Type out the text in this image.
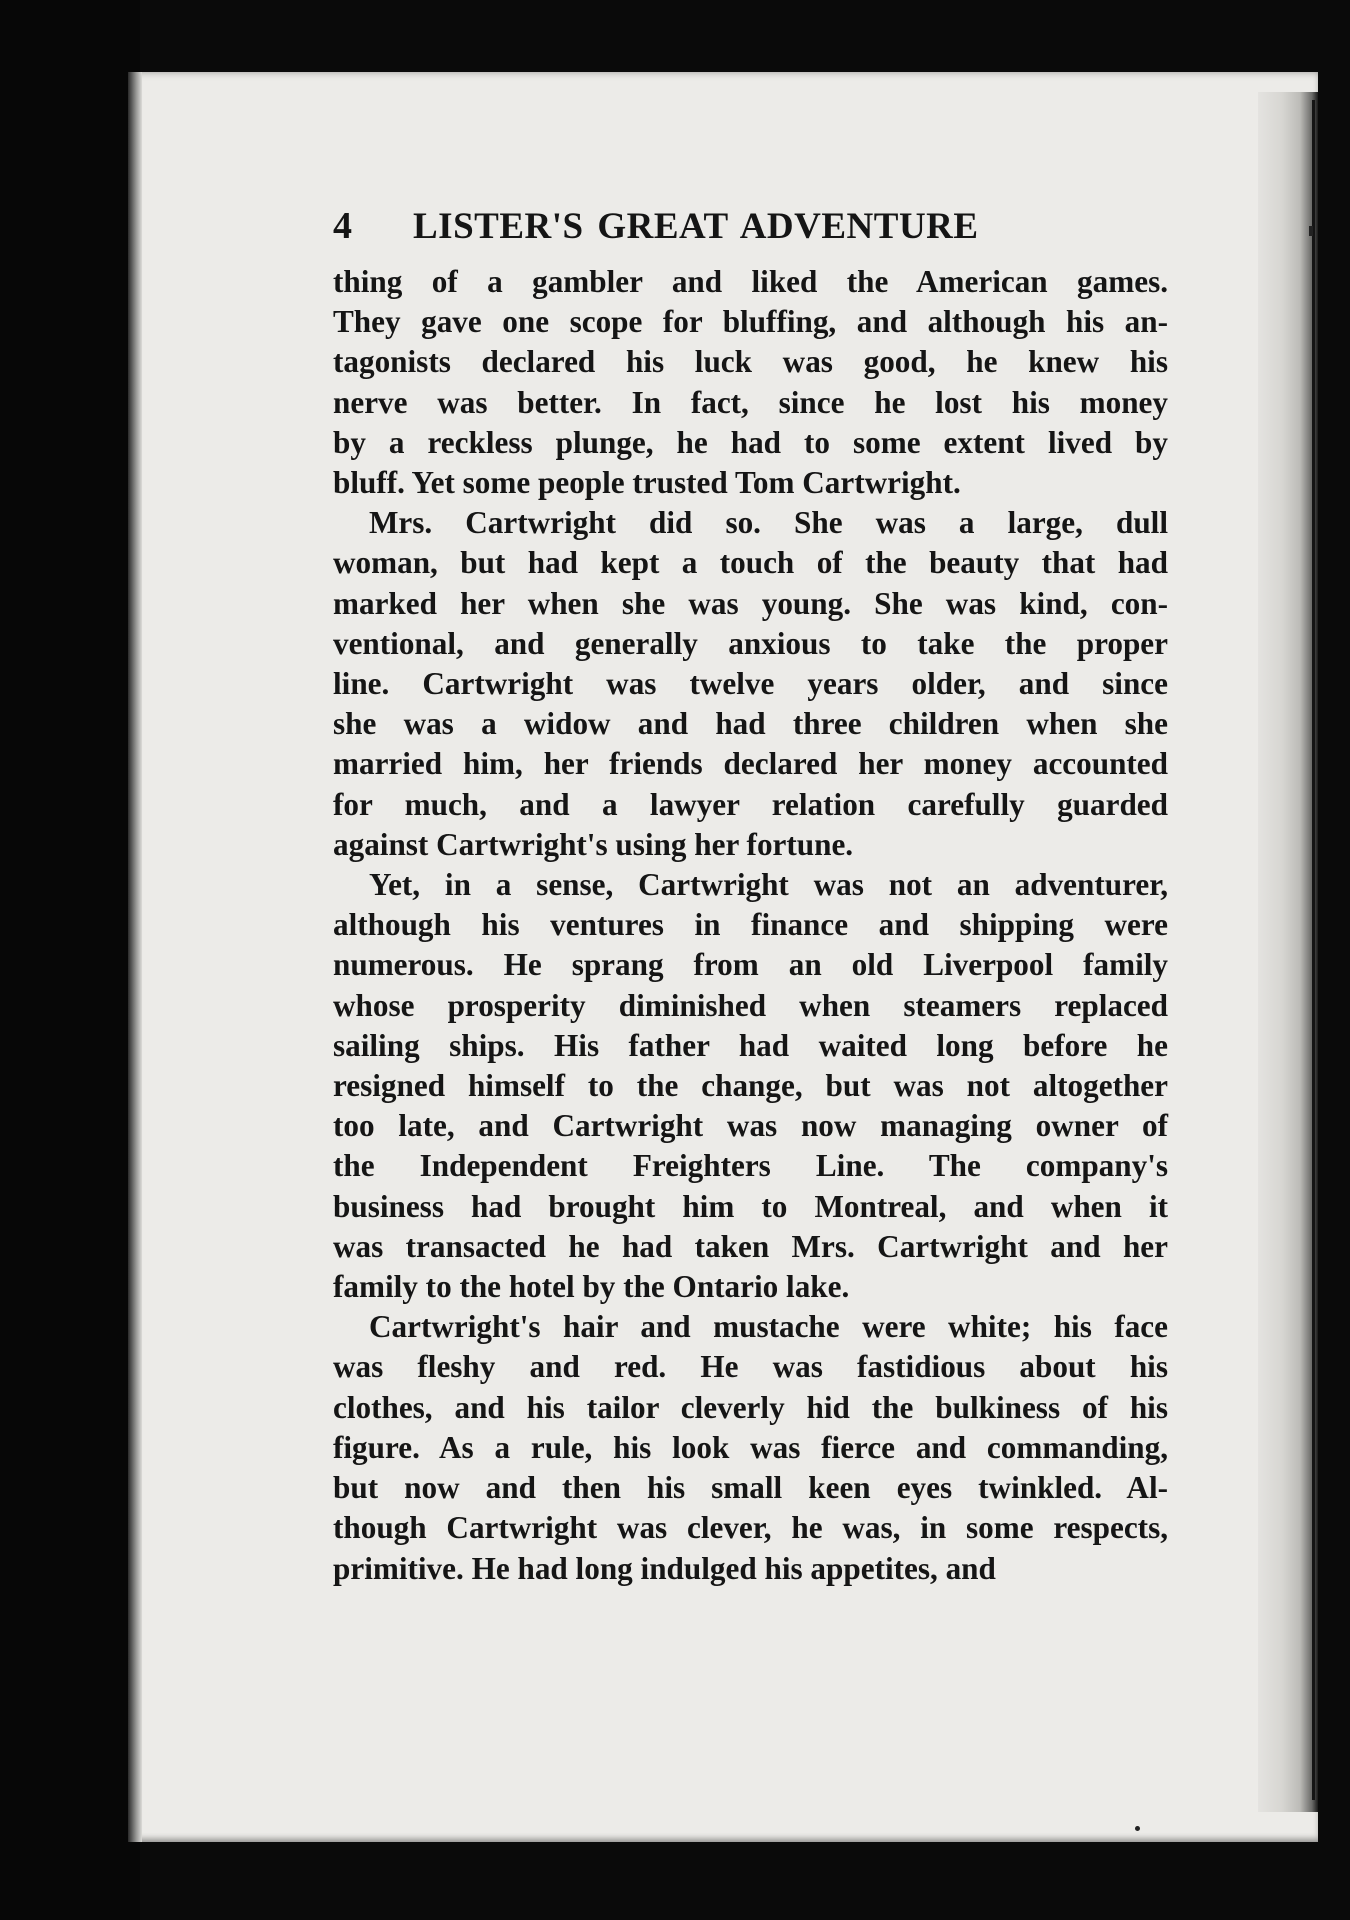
4	LISTER'S GREAT ADVENTURE

thing of a gambler and liked the American games.
They gave one scope for bluffing, and although his an-
tagonists declared his luck was good, he knew his
nerve was better. In fact, since he lost his money
by a reckless plunge, he had to some extent lived by
bluff. Yet some people trusted Tom Cartwright.

Mrs. Cartwright did so. She was a large, dull
woman, but had kept a touch of the beauty that had
marked her when she was young. She was kind, con-
ventional, and generally anxious to take the proper
line. Cartwright was twelve years older, and since
she was a widow and had three children when she
married him, her friends declared her money accounted
for much, and a lawyer relation carefully guarded
against Cartwright's using her fortune.

Yet, in a sense, Cartwright was not an adventurer,
although his ventures in finance and shipping were
numerous. He sprang from an old Liverpool family
whose prosperity diminished when steamers replaced
sailing ships. His father had waited long before he
resigned himself to the change, but was not altogether
too late, and Cartwright was now managing owner of
the Independent Freighters Line. The company's
business had brought him to Montreal, and when it
was transacted he had taken Mrs. Cartwright and her
family to the hotel by the Ontario lake.

Cartwright's hair and mustache were white; his face
was fleshy and red. He was fastidious about his
clothes, and his tailor cleverly hid the bulkiness of his
figure. As a rule, his look was fierce and commanding,
but now and then his small keen eyes twinkled. Al-
though Cartwright was clever, he was, in some respects,
primitive. He had long indulged his appetites, and
